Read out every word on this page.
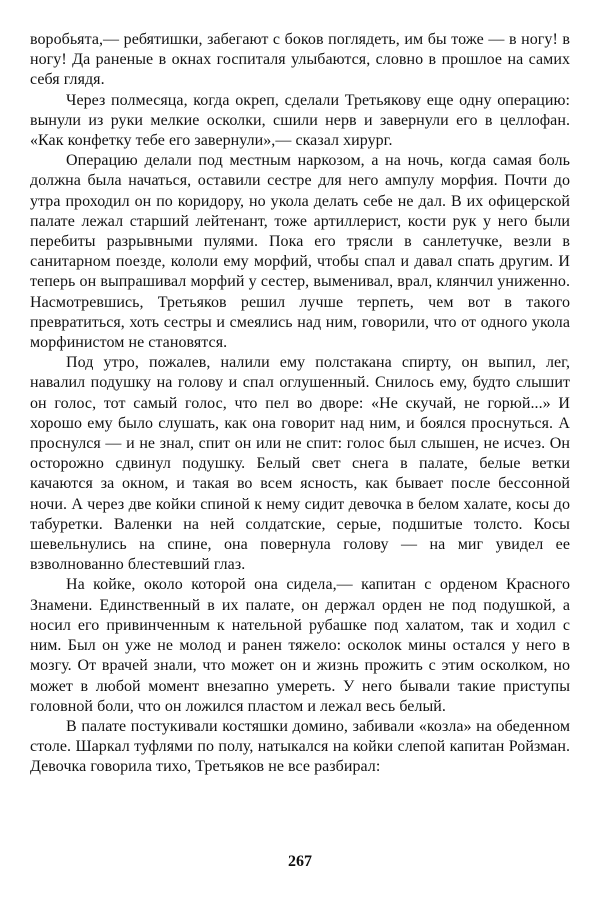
воробьята,— ребятишки, забегают с боков поглядеть, им бы тоже — в ногу! в ногу! Да раненые в окнах госпиталя улыбаются, словно в прошлое на самих себя глядя.

Через полмесяца, когда окреп, сделали Третьякову еще одну операцию: вынули из руки мелкие осколки, сшили нерв и завернули его в целлофан. «Как конфетку тебе его завернули»,— сказал хирург.

Операцию делали под местным наркозом, а на ночь, когда самая боль должна была начаться, оставили сестре для него ампулу морфия. Почти до утра проходил он по коридору, но укола делать себе не дал. В их офицерской палате лежал старший лейтенант, тоже артиллерист, кости рук у него были перебиты разрывными пулями. Пока его трясли в санлетучке, везли в санитарном поезде, кололи ему морфий, чтобы спал и давал спать другим. И теперь он выпрашивал морфий у сестер, выменивал, врал, клянчил униженно. Насмотревшись, Третьяков решил лучше терпеть, чем вот в такого превратиться, хоть сестры и смеялись над ним, говорили, что от одного укола морфинистом не становятся.

Под утро, пожалев, налили ему полстакана спирту, он выпил, лег, навалил подушку на голову и спал оглушенный. Снилось ему, будто слышит он голос, тот самый голос, что пел во дворе: «Не скучай, не горюй...» И хорошо ему было слушать, как она говорит над ним, и боялся проснуться. А проснулся — и не знал, спит он или не спит: голос был слышен, не исчез. Он осторожно сдвинул подушку. Белый свет снега в палате, белые ветки качаются за окном, и такая во всем ясность, как бывает после бессонной ночи. А через две койки спиной к нему сидит девочка в белом халате, косы до табуретки. Валенки на ней солдатские, серые, подшитые толсто. Косы шевельнулись на спине, она повернула голову — на миг увидел ее взволнованно блестевший глаз.

На койке, около которой она сидела,— капитан с орденом Красного Знамени. Единственный в их палате, он держал орден не под подушкой, а носил его привинченным к нательной рубашке под халатом, так и ходил с ним. Был он уже не молод и ранен тяжело: осколок мины остался у него в мозгу. От врачей знали, что может он и жизнь прожить с этим осколком, но может в любой момент внезапно умереть. У него бывали такие приступы головной боли, что он ложился пластом и лежал весь белый.

В палате постукивали костяшки домино, забивали «козла» на обеденном столе. Шаркал туфлями по полу, натыкался на койки слепой капитан Ройзман. Девочка говорила тихо, Третьяков не все разбирал:

267
